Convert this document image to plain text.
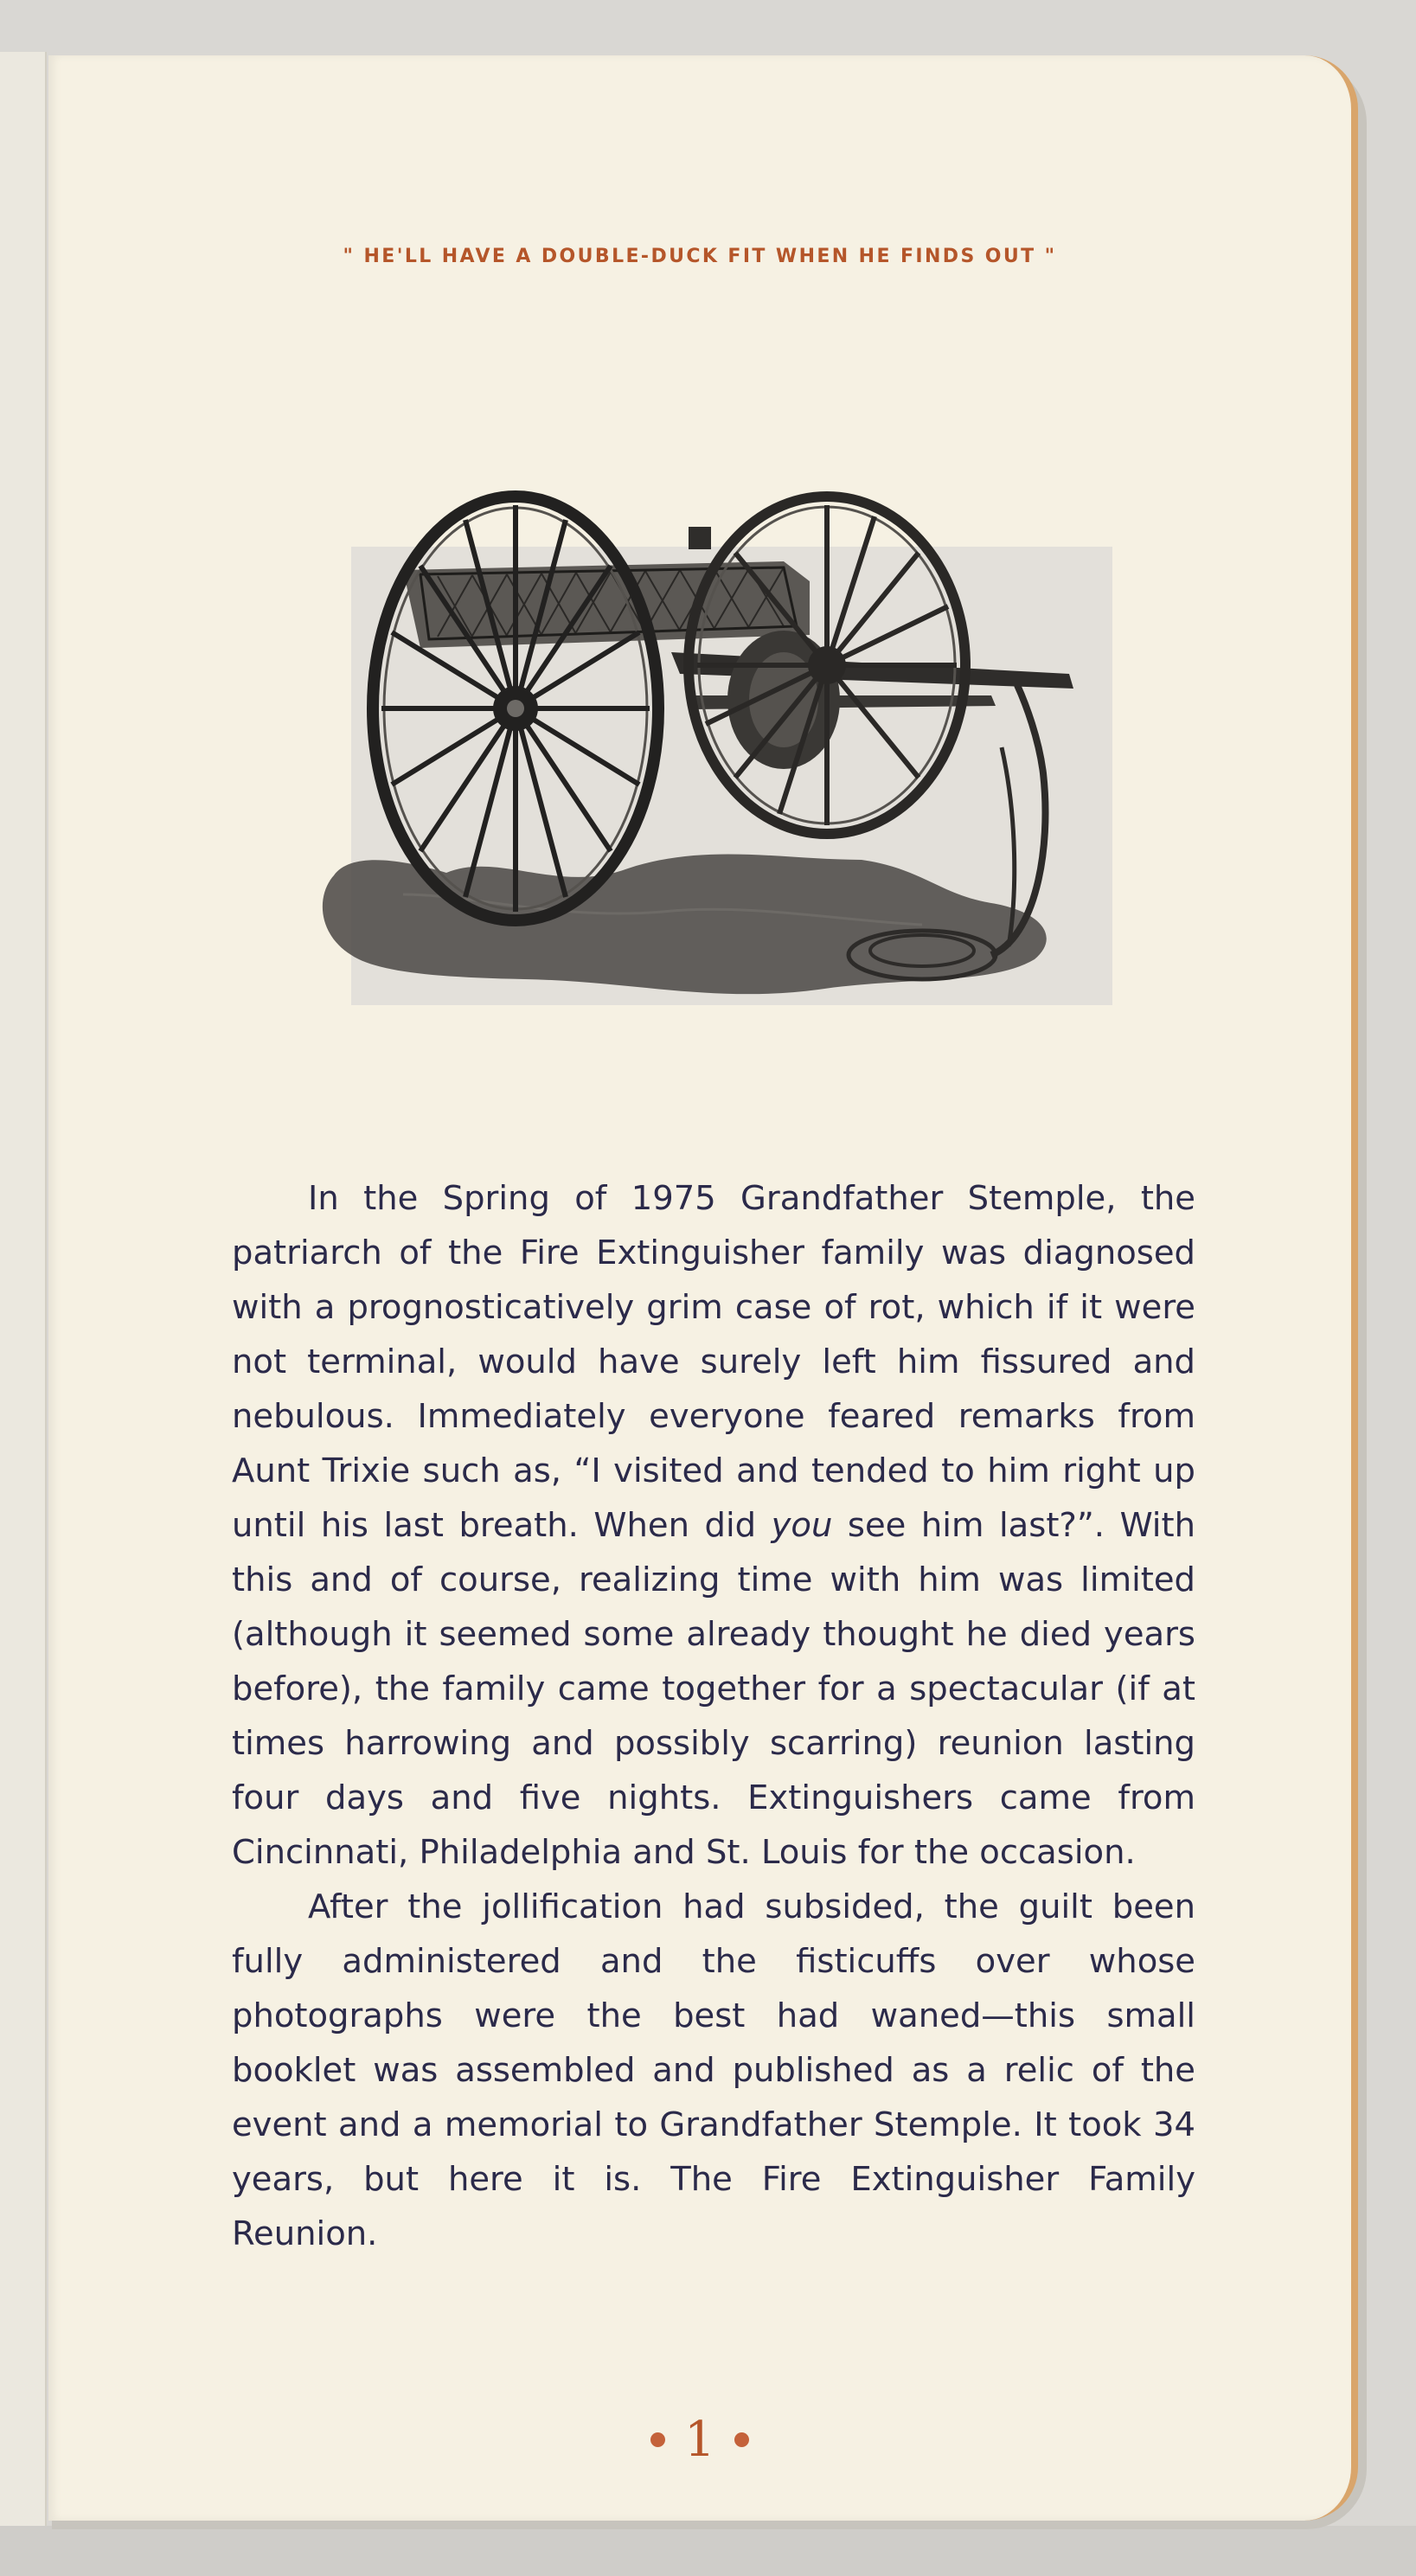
" HE'LL HAVE A DOUBLE-DUCK FIT WHEN HE FINDS OUT "

In the Spring of 1975 Grandfather Stemple, the patriarch of the Fire Extinguisher family was diagnosed with a prognosticatively grim case of rot, which if it were not terminal, would have surely left him fissured and nebulous. Immediately everyone feared remarks from Aunt Trixie such as, “I visited and tended to him right up until his last breath. When did you see him last?”. With this and of course, realizing time with him was limited (although it seemed some already thought he died years before), the family came together for a spectacular (if at times harrowing and possibly scarring) reunion lasting four days and five nights. Extinguishers came from Cincinnati, Philadelphia and St. Louis for the occasion.

After the jollification had subsided, the guilt been fully administered and the fisticuffs over whose photographs were the best had waned—this small booklet was assembled and published as a relic of the event and a memorial to Grandfather Stemple. It took 34 years, but here it is. The Fire Extinguisher Family Reunion.

1
